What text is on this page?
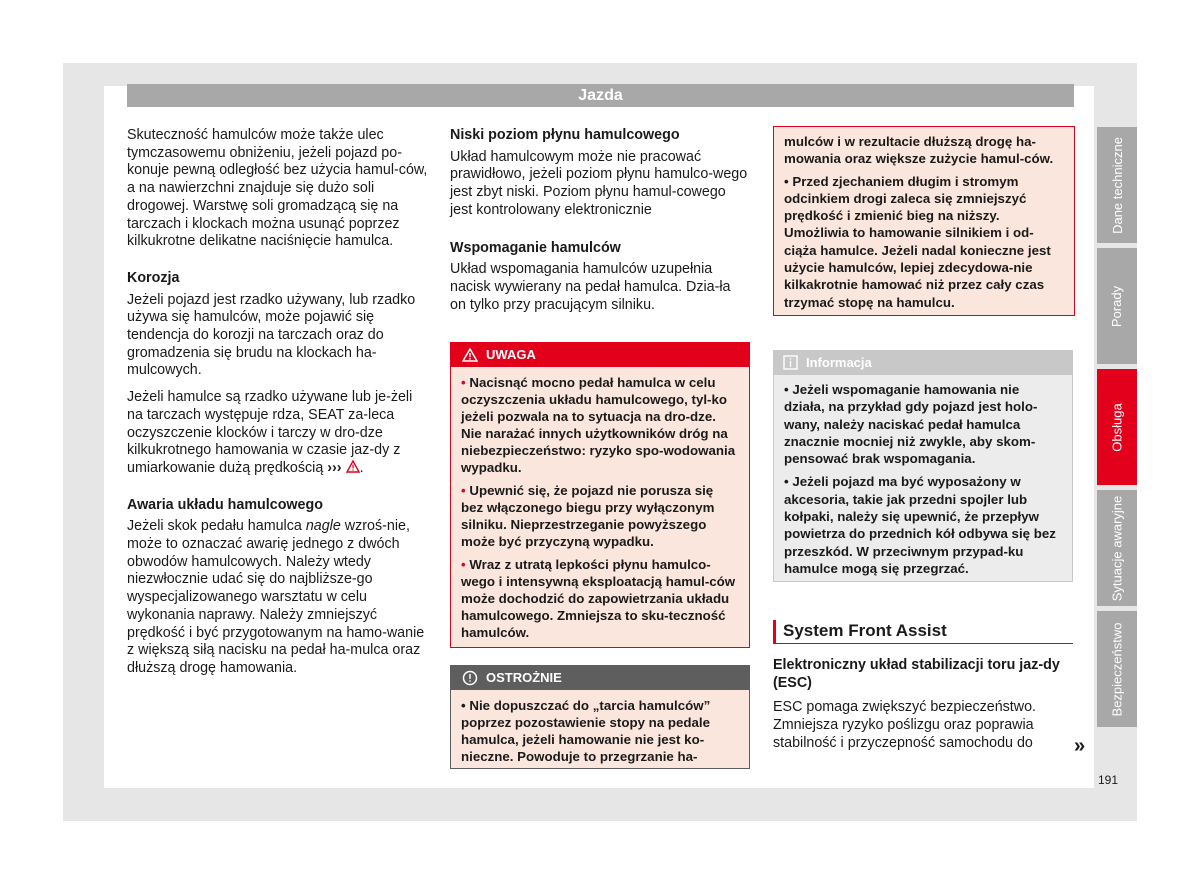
Jazda

Skuteczność hamulców może także ulec tymczasowemu obniżeniu, jeżeli pojazd po-konuje pewną odległość bez użycia hamul-ców, a na nawierzchni znajduje się dużo soli drogowej. Warstwę soli gromadzącą się na tarczach i klockach można usunąć poprzez kilkukrotne delikatne naciśnięcie hamulca.

Korozja

Jeżeli pojazd jest rzadko używany, lub rzadko używa się hamulców, może pojawić się tendencja do korozji na tarczach oraz do gromadzenia się brudu na klockach ha-mulcowych.

Jeżeli hamulce są rzadko używane lub je-żeli na tarczach występuje rdza, SEAT za-leca oczyszczenie klocków i tarczy w dro-dze kilkukrotnego hamowania w czasie jaz-dy z umiarkowanie dużą prędkością ››› .

Awaria układu hamulcowego

Jeżeli skok pedału hamulca nagle wzroś-nie, może to oznaczać awarię jednego z dwóch obwodów hamulcowych. Należy wtedy niezwłocznie udać się do najbliższe-go wyspecjalizowanego warsztatu w celu wykonania naprawy. Należy zmniejszyć prędkość i być przygotowanym na hamo-wanie z większą siłą nacisku na pedał ha-mulca oraz dłuższą drogę hamowania.

Niski poziom płynu hamulcowego

Układ hamulcowym może nie pracować prawidłowo, jeżeli poziom płynu hamulco-wego jest zbyt niski. Poziom płynu hamul-cowego jest kontrolowany elektronicznie

Wspomaganie hamulców

Układ wspomagania hamulców uzupełnia nacisk wywierany na pedał hamulca. Dzia-ła on tylko przy pracującym silniku.

UWAGA

• Nacisnąć mocno pedał hamulca w celu oczyszczenia układu hamulcowego, tyl-ko jeżeli pozwala na to sytuacja na dro-dze. Nie narażać innych użytkowników dróg na niebezpieczeństwo: ryzyko spo-wodowania wypadku.

• Upewnić się, że pojazd nie porusza się bez włączonego biegu przy wyłączonym silniku. Nieprzestrzeganie powyższego może być przyczyną wypadku.

• Wraz z utratą lepkości płynu hamulco-wego i intensywną eksploatacją hamul-ców może dochodzić do zapowietrzania układu hamulcowego. Zmniejsza to sku-teczność hamulców.

OSTROŻNIE

• Nie dopuszczać do „tarcia hamulców” poprzez pozostawienie stopy na pedale hamulca, jeżeli hamowanie nie jest ko-nieczne. Powoduje to przegrzanie ha-

mulców i w rezultacie dłuższą drogę ha-mowania oraz większe zużycie hamul-ców.

• Przed zjechaniem długim i stromym odcinkiem drogi zaleca się zmniejszyć prędkość i zmienić bieg na niższy. Umożliwia to hamowanie silnikiem i od-ciąża hamulce. Jeżeli nadal konieczne jest użycie hamulców, lepiej zdecydowa-nie kilkakrotnie hamować niż przez cały czas trzymać stopę na hamulcu.

Informacja

• Jeżeli wspomaganie hamowania nie działa, na przykład gdy pojazd jest holo-wany, należy naciskać pedał hamulca znacznie mocniej niż zwykle, aby skom-pensować brak wspomagania.

• Jeżeli pojazd ma być wyposażony w akcesoria, takie jak przedni spojler lub kołpaki, należy się upewnić, że przepływ powietrza do przednich kół odbywa się bez przeszkód. W przeciwnym przypad-ku hamulce mogą się przegrzać.

System Front Assist
Elektroniczny układ stabilizacji toru jaz-dy (ESC)

ESC pomaga zwiększyć bezpieczeństwo. Zmniejsza ryzyko poślizgu oraz poprawia stabilność i przyczepność samochodu do	»
Dane techniczne
Porady
Obsługa
Sytuacje awaryjne
Bezpieczeństwo
191
